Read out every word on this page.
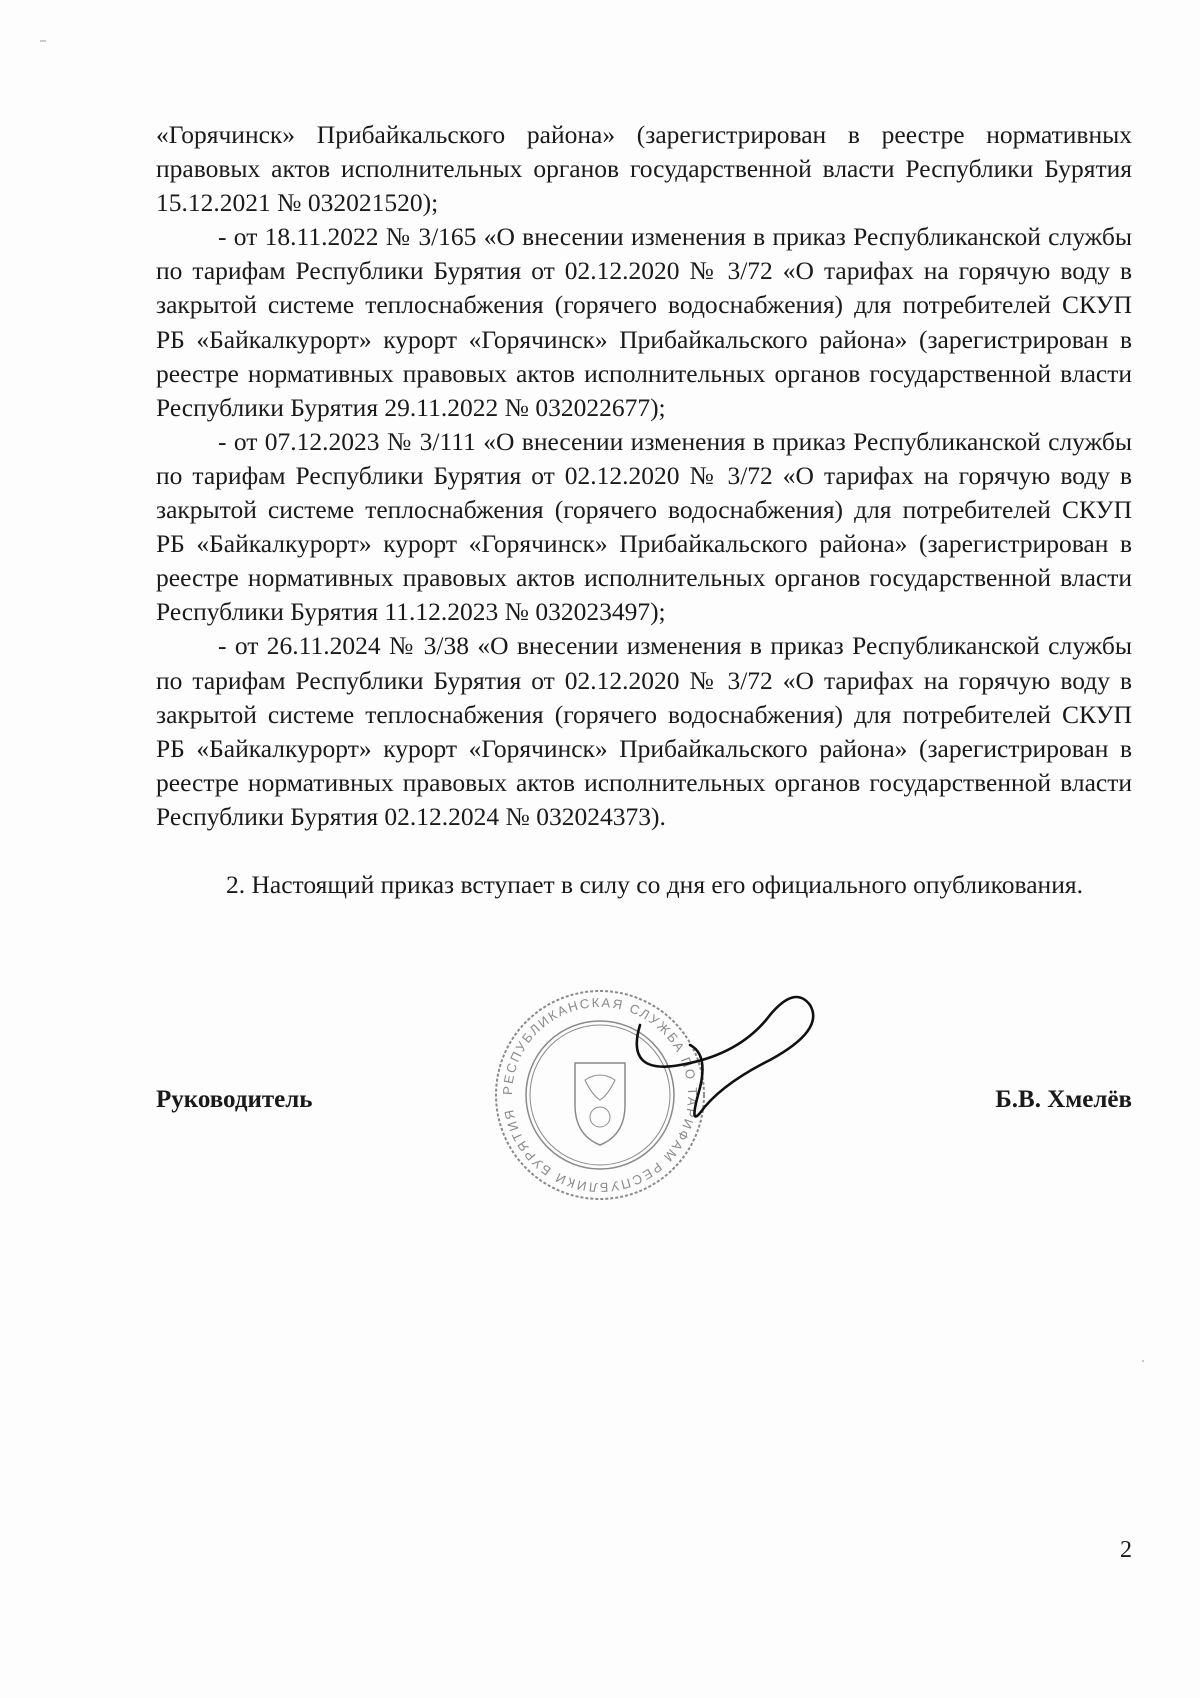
«Горячинск» Прибайкальского района» (зарегистрирован в реестре нормативных правовых актов исполнительных органов государственной власти Республики Бурятия 15.12.2021 № 032021520);

- от 18.11.2022 № 3/165 «О внесении изменения в приказ Республиканской службы по тарифам Республики Бурятия от 02.12.2020 № 3/72 «О тарифах на горячую воду в закрытой системе теплоснабжения (горячего водоснабжения) для потребителей СКУП РБ «Байкалкурорт» курорт «Горячинск» Прибайкальского района» (зарегистрирован в реестре нормативных правовых актов исполнительных органов государственной власти Республики Бурятия 29.11.2022 № 032022677);

- от 07.12.2023 № 3/111 «О внесении изменения в приказ Республиканской службы по тарифам Республики Бурятия от 02.12.2020 № 3/72 «О тарифах на горячую воду в закрытой системе теплоснабжения (горячего водоснабжения) для потребителей СКУП РБ «Байкалкурорт» курорт «Горячинск» Прибайкальского района» (зарегистрирован в реестре нормативных правовых актов исполнительных органов государственной власти Республики Бурятия 11.12.2023 № 032023497);

- от 26.11.2024 № 3/38 «О внесении изменения в приказ Республиканской службы по тарифам Республики Бурятия от 02.12.2020 № 3/72 «О тарифах на горячую воду в закрытой системе теплоснабжения (горячего водоснабжения) для потребителей СКУП РБ «Байкалкурорт» курорт «Горячинск» Прибайкальского района» (зарегистрирован в реестре нормативных правовых актов исполнительных органов государственной власти Республики Бурятия 02.12.2024 № 032024373).

2. Настоящий приказ вступает в силу со дня его официального опубликования.

РЕСПУБЛИКАНСКАЯ СЛУЖБА ПО ТАРИФАМ РЕСПУБЛИКИ БУРЯТИЯ
Руководитель	Б.В. Хмелёв
2
